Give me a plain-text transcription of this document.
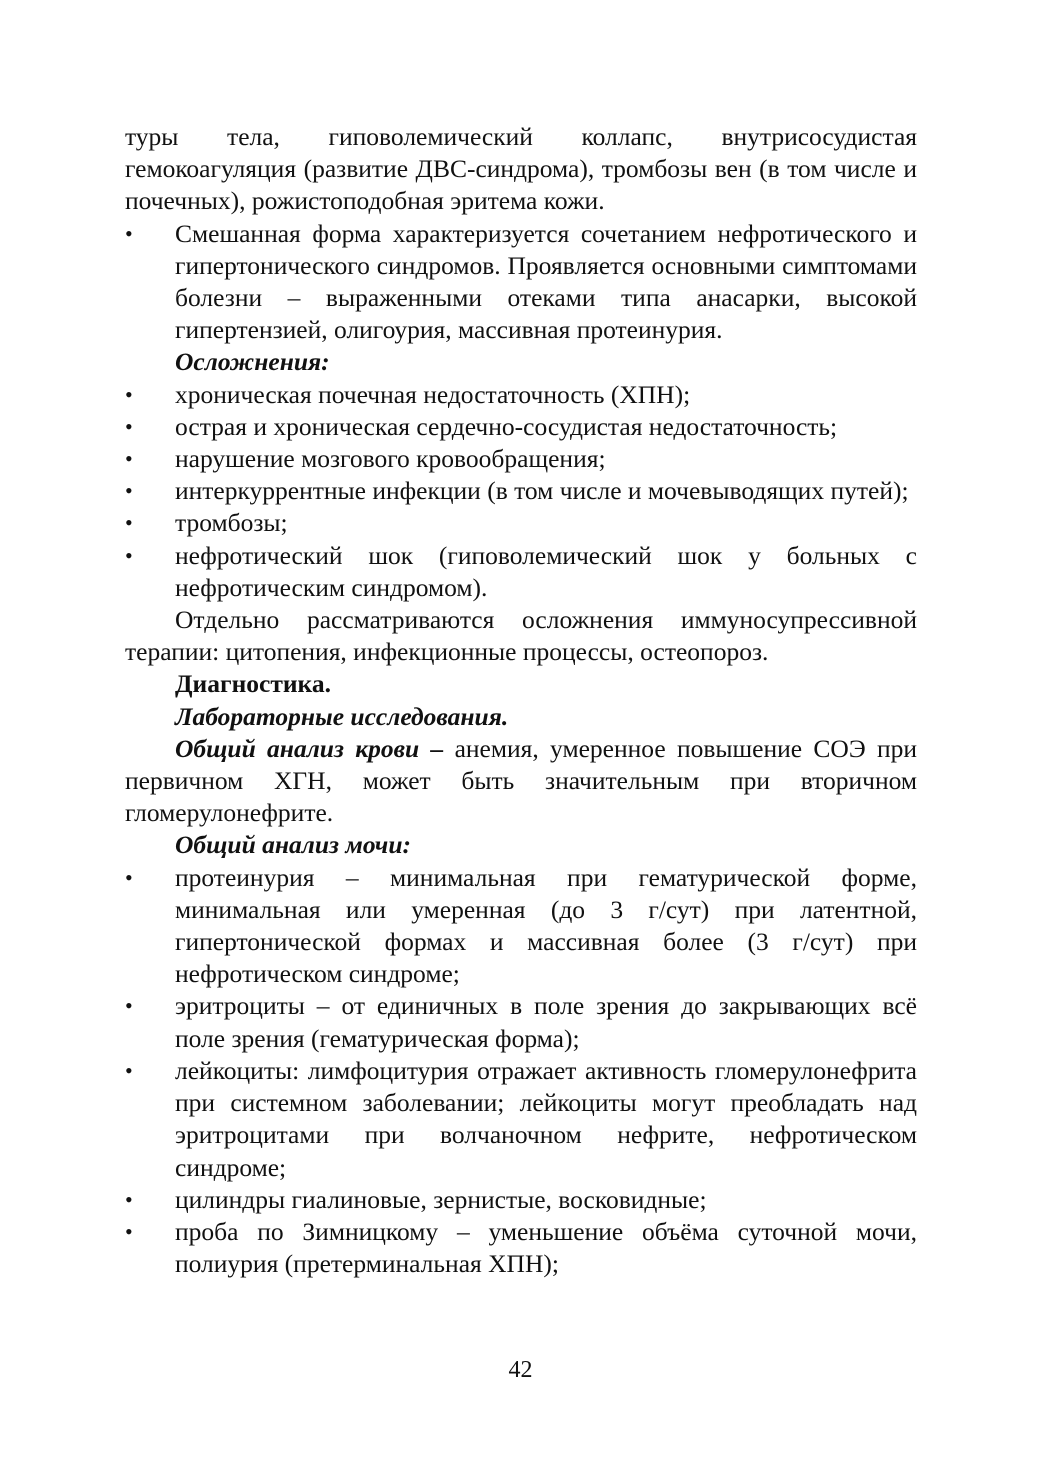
туры тела, гиповолемический коллапс, внутрисосудистая гемокоагуляция (развитие ДВС-синдрома), тромбозы вен (в том числе и почечных), рожистоподобная эритема кожи.

• Смешанная форма характеризуется сочетанием нефротического и гипертонического синдромов. Проявляется основными симптомами болезни – выраженными отеками типа анасарки, высокой гипертензией, олигоурия, массивная протеинурия.

Осложнения:

• хроническая почечная недостаточность (ХПН);
• острая и хроническая сердечно-сосудистая недостаточность;
• нарушение мозгового кровообращения;
• интеркуррентные инфекции (в том числе и мочевыводящих путей);
• тромбозы;
• нефротический шок (гиповолемический шок у больных с нефротическим синдромом).

Отдельно рассматриваются осложнения иммуносупрессивной терапии: цитопения, инфекционные процессы, остеопороз.

Диагностика.

Лабораторные исследования.

Общий анализ крови – анемия, умеренное повышение СОЭ при первичном ХГН, может быть значительным при вторичном гломерулонефрите.

Общий анализ мочи:

• протеинурия – минимальная при гематурической форме, минимальная или умеренная (до 3 г/сут) при латентной, гипертонической формах и массивная более (3 г/сут) при нефротическом синдроме;
• эритроциты – от единичных в поле зрения до закрывающих всё поле зрения (гематурическая форма);
• лейкоциты: лимфоцитурия отражает активность гломерулонефрита при системном заболевании; лейкоциты могут преобладать над эритроцитами при волчаночном нефрите, нефротическом синдроме;
• цилиндры гиалиновые, зернистые, восковидные;
• проба по Зимницкому – уменьшение объёма суточной мочи, полиурия (претерминальная ХПН);
42
